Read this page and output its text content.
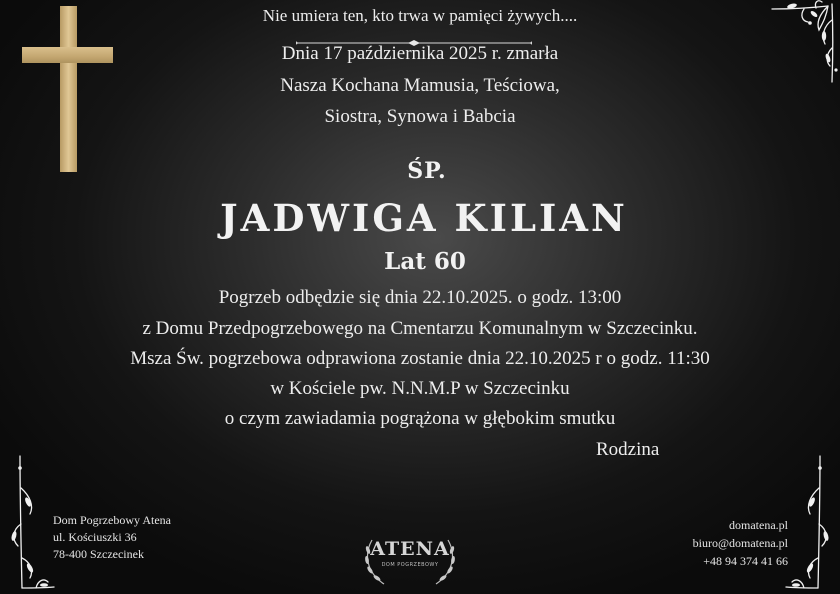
Nie umiera ten, kto trwa w pamięci żywych....
Dnia 17 października 2025 r. zmarła
Nasza Kochana Mamusia, Teściowa,
Siostra, Synowa i Babcia
ŚP.
JADWIGA KILIAN
Lat 60
Pogrzeb odbędzie się dnia 22.10.2025. o godz. 13:00
z Domu Przedpogrzebowego na Cmentarzu Komunalnym w Szczecinku.
Msza Św. pogrzebowa odprawiona zostanie dnia 22.10.2025 r o godz. 11:30
w Kościele pw. N.N.M.P w Szczecinku
o czym zawiadamia pogrążona w głębokim smutku
Rodzina
Dom Pogrzebowy Atena
ul. Kościuszki 36
78-400 Szczecinek	ATENA
DOM POGRZEBOWY
domatena.pl
biuro@domatena.pl
+48 94 374 41 66
